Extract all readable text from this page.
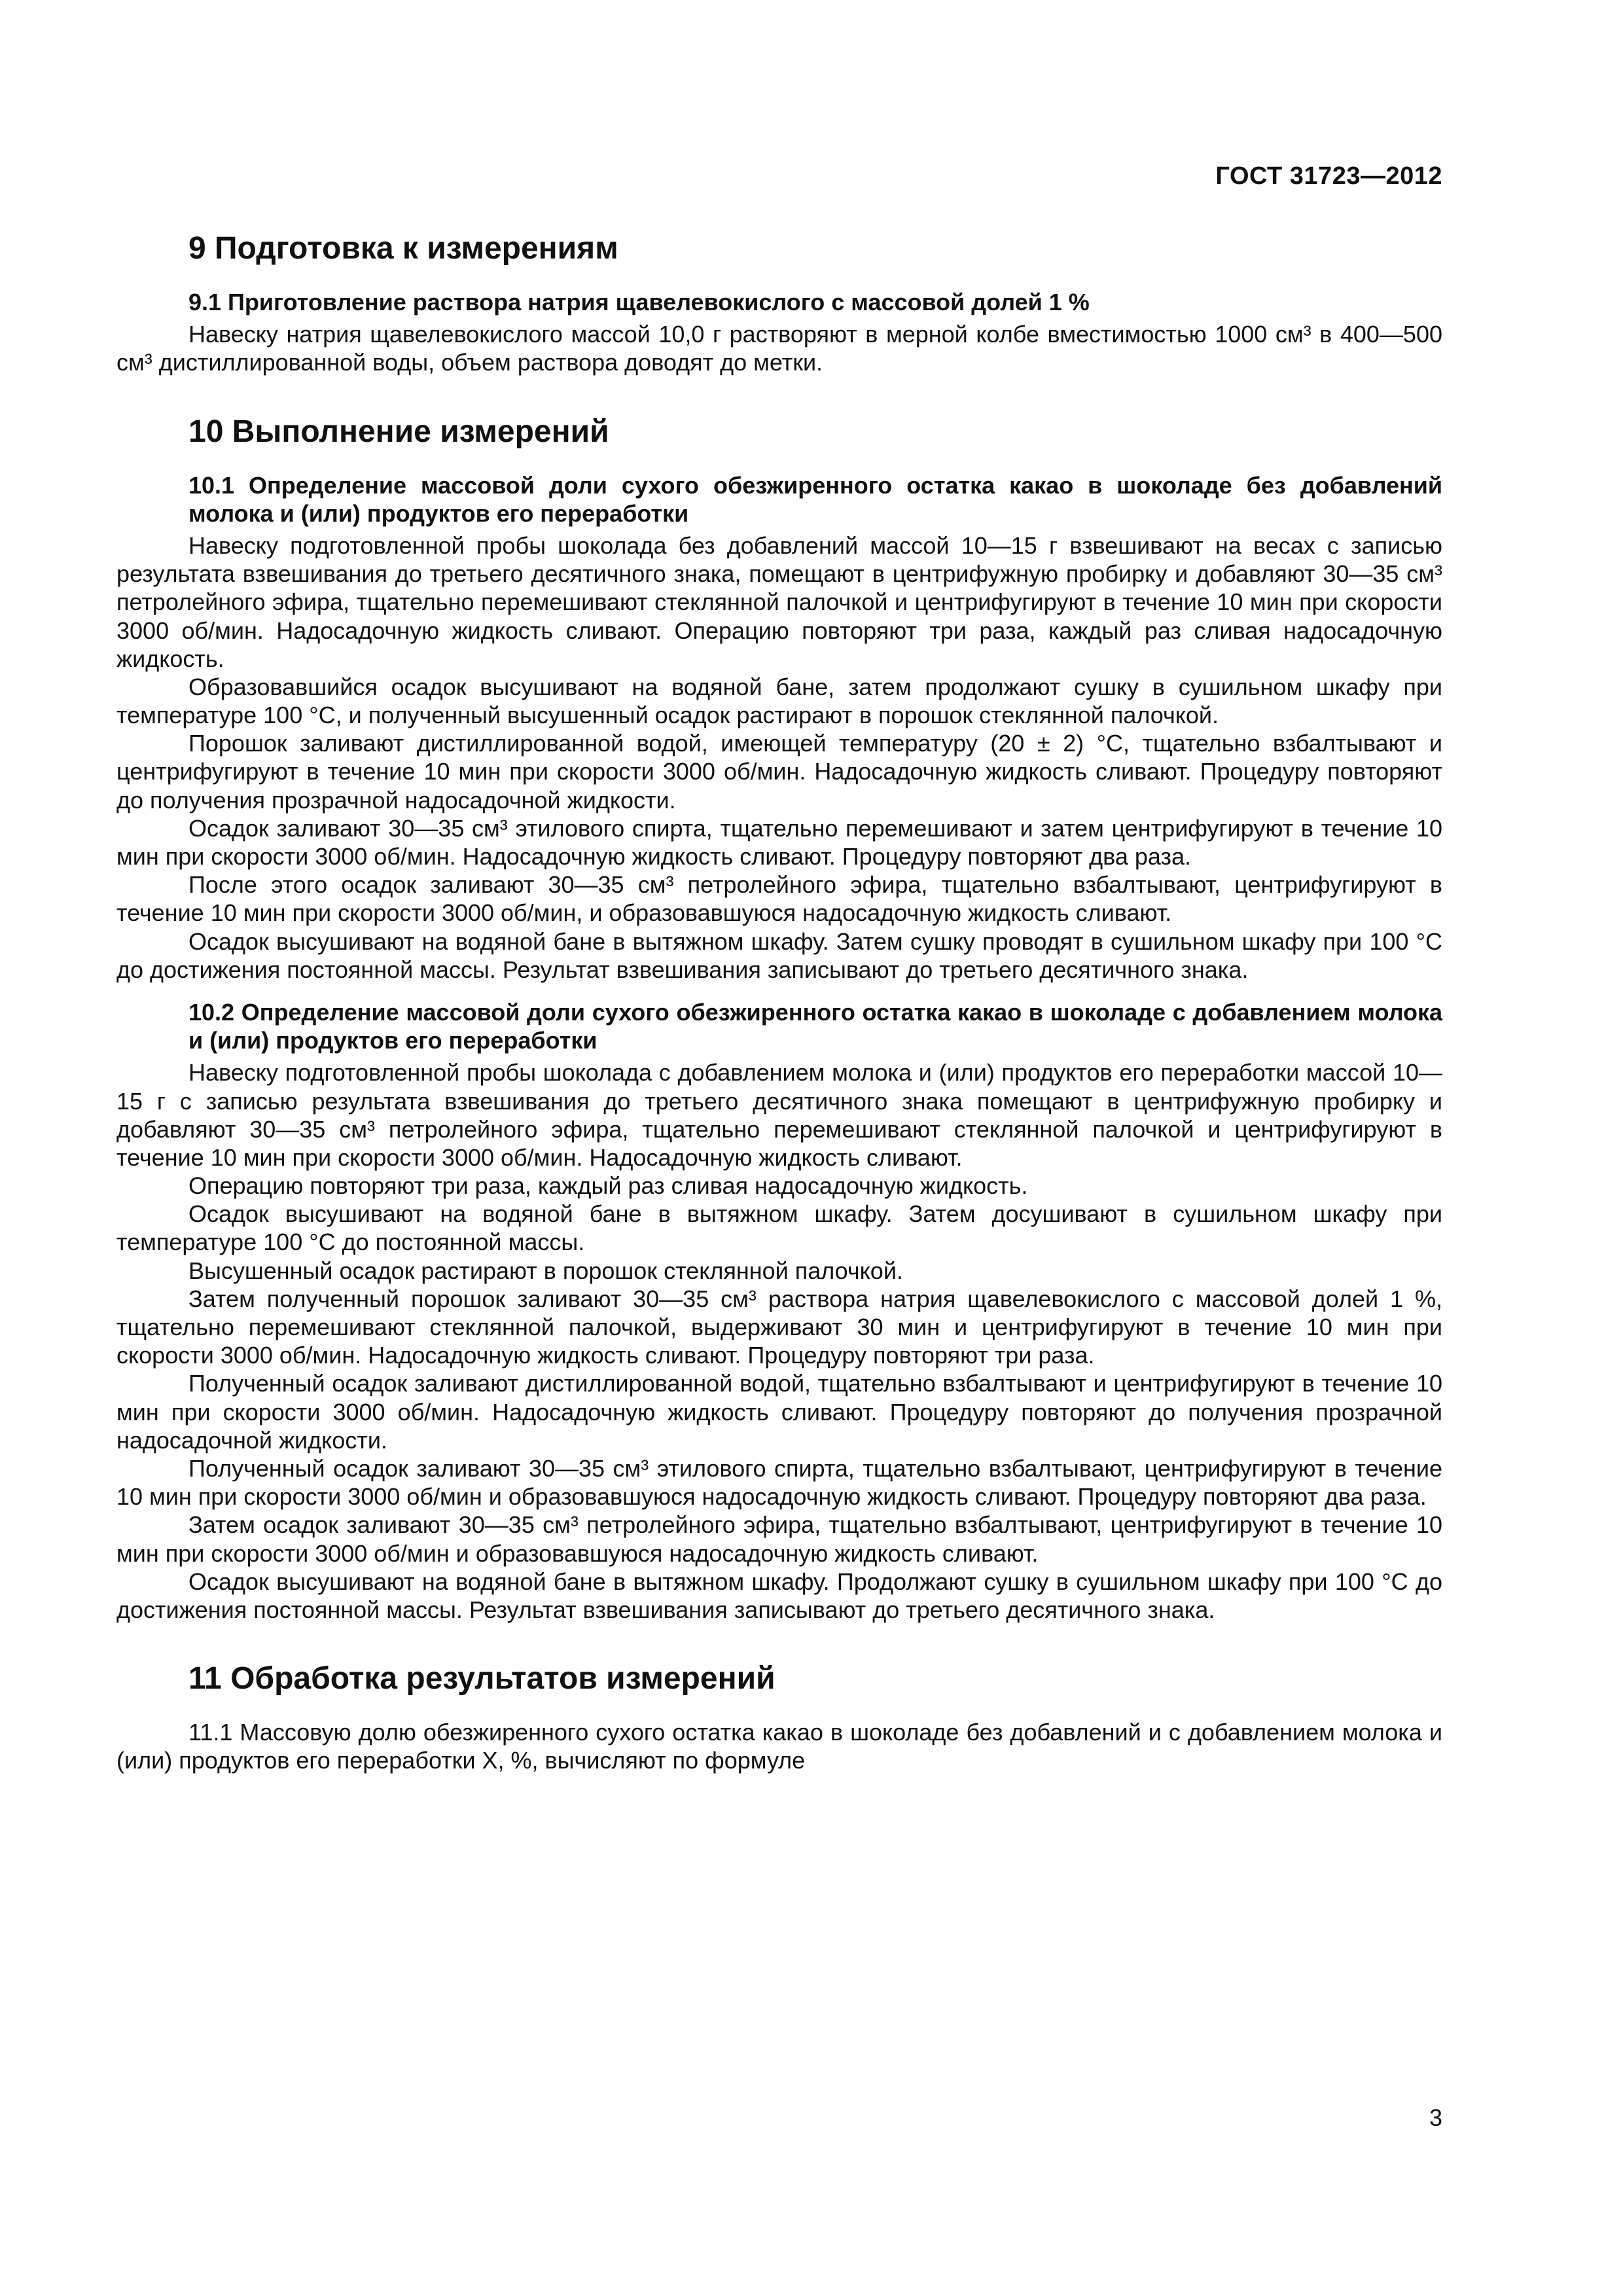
ГОСТ 31723—2012
9 Подготовка к измерениям
9.1 Приготовление раствора натрия щавелевокислого с массовой долей 1 %

Навеску натрия щавелевокислого массой 10,0 г растворяют в мерной колбе вместимостью 1000 см³ в 400—500 см³ дистиллированной воды, объем раствора доводят до метки.

10 Выполнение измерений
10.1 Определение массовой доли сухого обезжиренного остатка какао в шоколаде без добавлений молока и (или) продуктов его переработки

Навеску подготовленной пробы шоколада без добавлений массой 10—15 г взвешивают на весах с записью результата взвешивания до третьего десятичного знака, помещают в центрифужную пробирку и добавляют 30—35 см³ петролейного эфира, тщательно перемешивают стеклянной палочкой и центрифугируют в течение 10 мин при скорости 3000 об/мин. Надосадочную жидкость сливают. Операцию повторяют три раза, каждый раз сливая надосадочную жидкость.

Образовавшийся осадок высушивают на водяной бане, затем продолжают сушку в сушильном шкафу при температуре 100 °С, и полученный высушенный осадок растирают в порошок стеклянной палочкой.

Порошок заливают дистиллированной водой, имеющей температуру (20 ± 2) °С, тщательно взбалтывают и центрифугируют в течение 10 мин при скорости 3000 об/мин. Надосадочную жидкость сливают. Процедуру повторяют до получения прозрачной надосадочной жидкости.

Осадок заливают 30—35 см³ этилового спирта, тщательно перемешивают и затем центрифугируют в течение 10 мин при скорости 3000 об/мин. Надосадочную жидкость сливают. Процедуру повторяют два раза.

После этого осадок заливают 30—35 см³ петролейного эфира, тщательно взбалтывают, центрифугируют в течение 10 мин при скорости 3000 об/мин, и образовавшуюся надосадочную жидкость сливают.

Осадок высушивают на водяной бане в вытяжном шкафу. Затем сушку проводят в сушильном шкафу при 100 °С до достижения постоянной массы. Результат взвешивания записывают до третьего десятичного знака.

10.2 Определение массовой доли сухого обезжиренного остатка какао в шоколаде с добавлением молока и (или) продуктов его переработки

Навеску подготовленной пробы шоколада с добавлением молока и (или) продуктов его переработки массой 10—15 г с записью результата взвешивания до третьего десятичного знака помещают в центрифужную пробирку и добавляют 30—35 см³ петролейного эфира, тщательно перемешивают стеклянной палочкой и центрифугируют в течение 10 мин при скорости 3000 об/мин. Надосадочную жидкость сливают.

Операцию повторяют три раза, каждый раз сливая надосадочную жидкость.

Осадок высушивают на водяной бане в вытяжном шкафу. Затем досушивают в сушильном шкафу при температуре 100 °С до постоянной массы.

Высушенный осадок растирают в порошок стеклянной палочкой.

Затем полученный порошок заливают 30—35 см³ раствора натрия щавелевокислого с массовой долей 1 %, тщательно перемешивают стеклянной палочкой, выдерживают 30 мин и центрифугируют в течение 10 мин при скорости 3000 об/мин. Надосадочную жидкость сливают. Процедуру повторяют три раза.

Полученный осадок заливают дистиллированной водой, тщательно взбалтывают и центрифугируют в течение 10 мин при скорости 3000 об/мин. Надосадочную жидкость сливают. Процедуру повторяют до получения прозрачной надосадочной жидкости.

Полученный осадок заливают 30—35 см³ этилового спирта, тщательно взбалтывают, центрифугируют в течение 10 мин при скорости 3000 об/мин и образовавшуюся надосадочную жидкость сливают. Процедуру повторяют два раза.

Затем осадок заливают 30—35 см³ петролейного эфира, тщательно взбалтывают, центрифугируют в течение 10 мин при скорости 3000 об/мин и образовавшуюся надосадочную жидкость сливают.

Осадок высушивают на водяной бане в вытяжном шкафу. Продолжают сушку в сушильном шкафу при 100 °С до достижения постоянной массы. Результат взвешивания записывают до третьего десятичного знака.

11 Обработка результатов измерений

11.1 Массовую долю обезжиренного сухого остатка какао в шоколаде без добавлений и с добавлением молока и (или) продуктов его переработки X, %, вычисляют по формуле

3
